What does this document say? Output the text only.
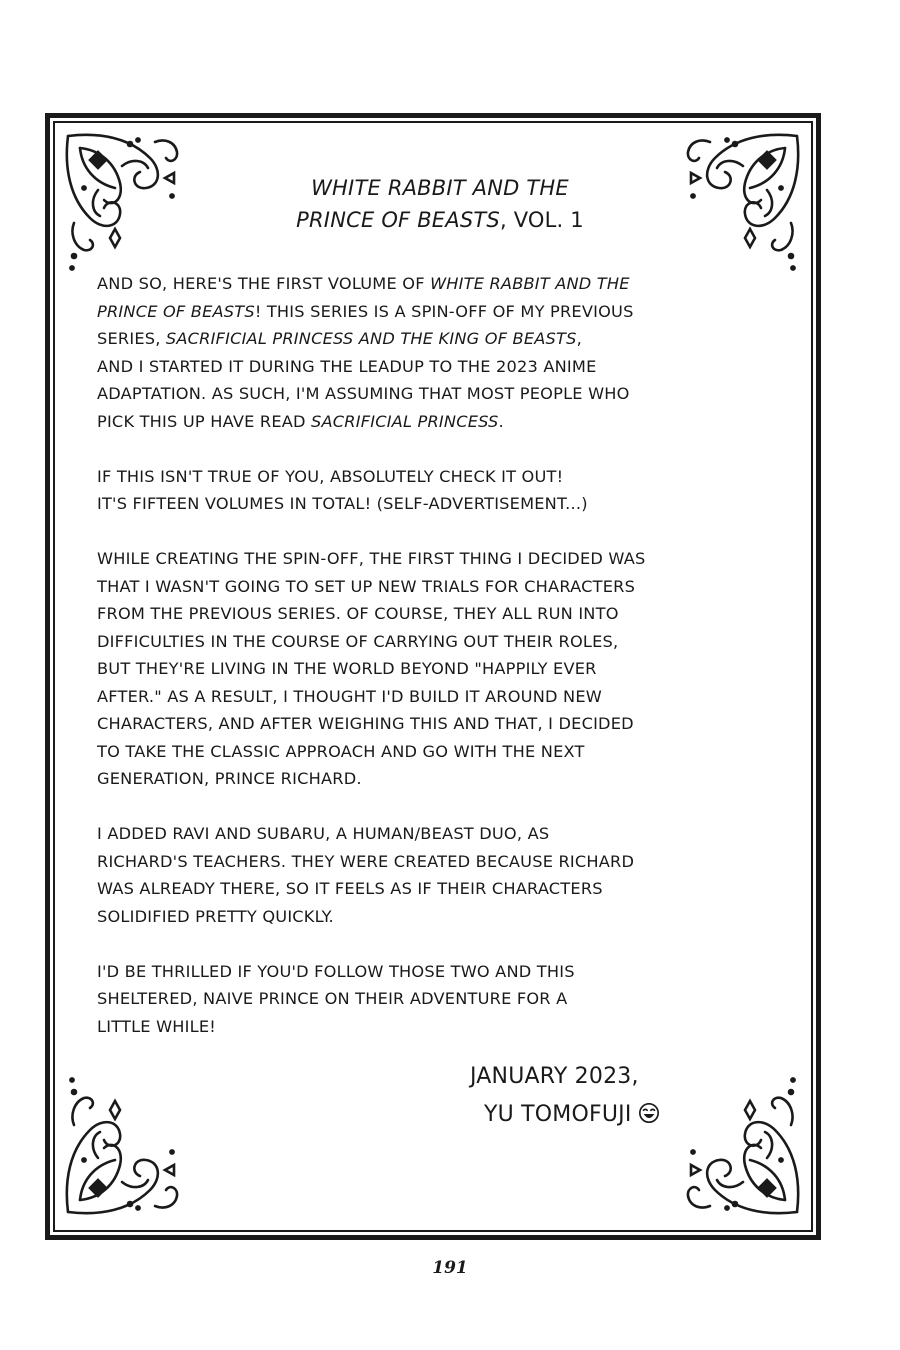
WHITE RABBIT AND THE
PRINCE OF BEASTS, VOL. 1
AND SO, HERE'S THE FIRST VOLUME OF WHITE RABBIT AND THE
PRINCE OF BEASTS! THIS SERIES IS A SPIN-OFF OF MY PREVIOUS
SERIES, SACRIFICIAL PRINCESS AND THE KING OF BEASTS,
AND I STARTED IT DURING THE LEADUP TO THE 2023 ANIME
ADAPTATION. AS SUCH, I'M ASSUMING THAT MOST PEOPLE WHO
PICK THIS UP HAVE READ SACRIFICIAL PRINCESS.
IF THIS ISN'T TRUE OF YOU, ABSOLUTELY CHECK IT OUT!
IT'S FIFTEEN VOLUMES IN TOTAL! (SELF-ADVERTISEMENT...)
WHILE CREATING THE SPIN-OFF, THE FIRST THING I DECIDED WAS
THAT I WASN'T GOING TO SET UP NEW TRIALS FOR CHARACTERS
FROM THE PREVIOUS SERIES. OF COURSE, THEY ALL RUN INTO
DIFFICULTIES IN THE COURSE OF CARRYING OUT THEIR ROLES,
BUT THEY'RE LIVING IN THE WORLD BEYOND "HAPPILY EVER
AFTER." AS A RESULT, I THOUGHT I'D BUILD IT AROUND NEW
CHARACTERS, AND AFTER WEIGHING THIS AND THAT, I DECIDED
TO TAKE THE CLASSIC APPROACH AND GO WITH THE NEXT
GENERATION, PRINCE RICHARD.
I ADDED RAVI AND SUBARU, A HUMAN/BEAST DUO, AS
RICHARD'S TEACHERS. THEY WERE CREATED BECAUSE RICHARD
WAS ALREADY THERE, SO IT FEELS AS IF THEIR CHARACTERS
SOLIDIFIED PRETTY QUICKLY.
I'D BE THRILLED IF YOU'D FOLLOW THOSE TWO AND THIS
SHELTERED, NAIVE PRINCE ON THEIR ADVENTURE FOR A
LITTLE WHILE!
JANUARY 2023,
YU TOMOFUJI
191
